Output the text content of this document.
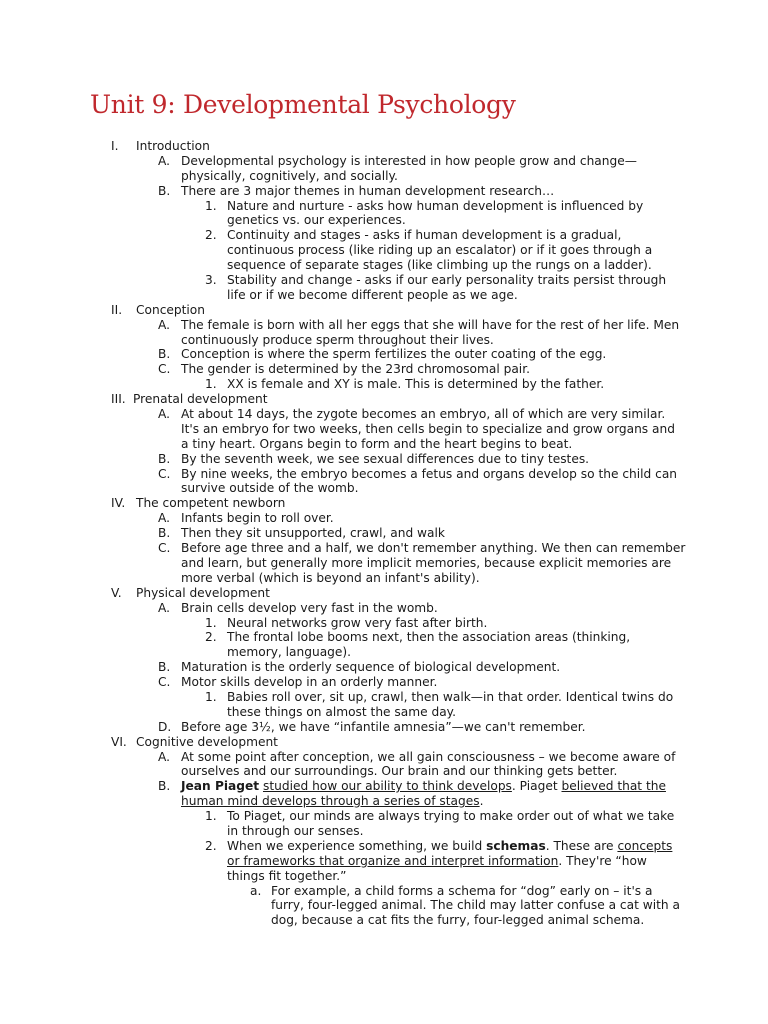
Unit 9: Developmental Psychology
I. Introduction
A. Developmental psychology is interested in how people grow and change—
physically, cognitively, and socially.
B. There are 3 major themes in human development research…
1. Nature and nurture - asks how human development is influenced by
genetics vs. our experiences.
2. Continuity and stages - asks if human development is a gradual,
continuous process (like riding up an escalator) or if it goes through a
sequence of separate stages (like climbing up the rungs on a ladder).
3. Stability and change - asks if our early personality traits persist through
life or if we become different people as we age.
II. Conception
A. The female is born with all her eggs that she will have for the rest of her life. Men
continuously produce sperm throughout their lives.
B. Conception is where the sperm fertilizes the outer coating of the egg.
C. The gender is determined by the 23rd chromosomal pair.
1. XX is female and XY is male. This is determined by the father.
III. Prenatal development
A. At about 14 days, the zygote becomes an embryo, all of which are very similar.
It's an embryo for two weeks, then cells begin to specialize and grow organs and
a tiny heart. Organs begin to form and the heart begins to beat.
B. By the seventh week, we see sexual differences due to tiny testes.
C. By nine weeks, the embryo becomes a fetus and organs develop so the child can
survive outside of the womb.
IV. The competent newborn
A. Infants begin to roll over.
B. Then they sit unsupported, crawl, and walk
C. Before age three and a half, we don't remember anything. We then can remember
and learn, but generally more implicit memories, because explicit memories are
more verbal (which is beyond an infant's ability).
V. Physical development
A. Brain cells develop very fast in the womb.
1. Neural networks grow very fast after birth.
2. The frontal lobe booms next, then the association areas (thinking,
memory, language).
B. Maturation is the orderly sequence of biological development.
C. Motor skills develop in an orderly manner.
1. Babies roll over, sit up, crawl, then walk—in that order. Identical twins do
these things on almost the same day.
D. Before age 3½, we have “infantile amnesia”—we can't remember.
VI. Cognitive development
A. At some point after conception, we all gain consciousness – we become aware of
ourselves and our surroundings. Our brain and our thinking gets better.
B. Jean Piaget studied how our ability to think develops. Piaget believed that the
human mind develops through a series of stages.
1. To Piaget, our minds are always trying to make order out of what we take
in through our senses.
2. When we experience something, we build schemas. These are concepts
or frameworks that organize and interpret information. They're “how
things fit together.”
a. For example, a child forms a schema for “dog” early on – it's a
furry, four-legged animal. The child may latter confuse a cat with a
dog, because a cat fits the furry, four-legged animal schema.
